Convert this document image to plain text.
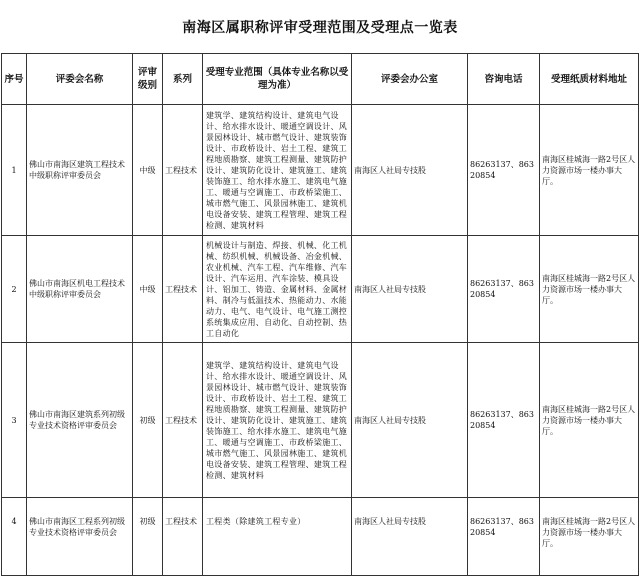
南海区属职称评审受理范围及受理点一览表
序号	评委会名称	评审级别	系列	受理专业范围（具体专业名称以受理为准）	评委会办公室	咨询电话	受理纸质材料地址
1	佛山市南海区建筑工程技术中级职称评审委员会	中级	工程技术	建筑学、建筑结构设计、建筑电气设计、给水排水设计、暖通空调设计、风景园林设计、城市燃气设计、建筑装饰设计、市政桥设计、岩土工程、建筑工程地质勘察、建筑工程测量、建筑防护设计、建筑防化设计、建筑施工、建筑装饰施工、给水排水施工、建筑电气施工、暖通与空调施工、市政桥梁施工、城市燃气施工、风景园林施工、建筑机电设备安装、建筑工程管理、建筑工程检测、建筑材料	南海区人社局专技股	86263137、86320854	南海区桂城海一路2号区人力资源市场一楼办事大厅。
2	佛山市南海区机电工程技术中级职称评审委员会	中级	工程技术	机械设计与制造、焊接、机械、化工机械、纺织机械、机械设备、冶金机械、农业机械、汽车工程、汽车维修、汽车设计、汽车运用、汽车涂装、模具设计、铝加工、铸造、金属材料、金属材料、制冷与低温技术、热能动力、水能动力、电气、电气设计、电气施工测控系统集成应用、自动化、自动控制、热工自动化	南海区人社局专技股	86263137、86320854	南海区桂城海一路2号区人力资源市场一楼办事大厅。
3	佛山市南海区建筑系列初级专业技术资格评审委员会	初级	工程技术	建筑学、建筑结构设计、建筑电气设计、给水排水设计、暖通空调设计、风景园林设计、城市燃气设计、建筑装饰设计、市政桥设计、岩土工程、建筑工程地质勘察、建筑工程测量、建筑防护设计、建筑防化设计、建筑施工、建筑装饰施工、给水排水施工、建筑电气施工、暖通与空调施工、市政桥梁施工、城市燃气施工、风景园林施工、建筑机电设备安装、建筑工程管理、建筑工程检测、建筑材料	南海区人社局专技股	86263137、86320854	南海区桂城海一路2号区人力资源市场一楼办事大厅。
4	佛山市南海区工程系列初级专业技术资格评审委员会	初级	工程技术	工程类（除建筑工程专业）	南海区人社局专技股	86263137、86320854	南海区桂城海一路2号区人力资源市场一楼办事大厅。
